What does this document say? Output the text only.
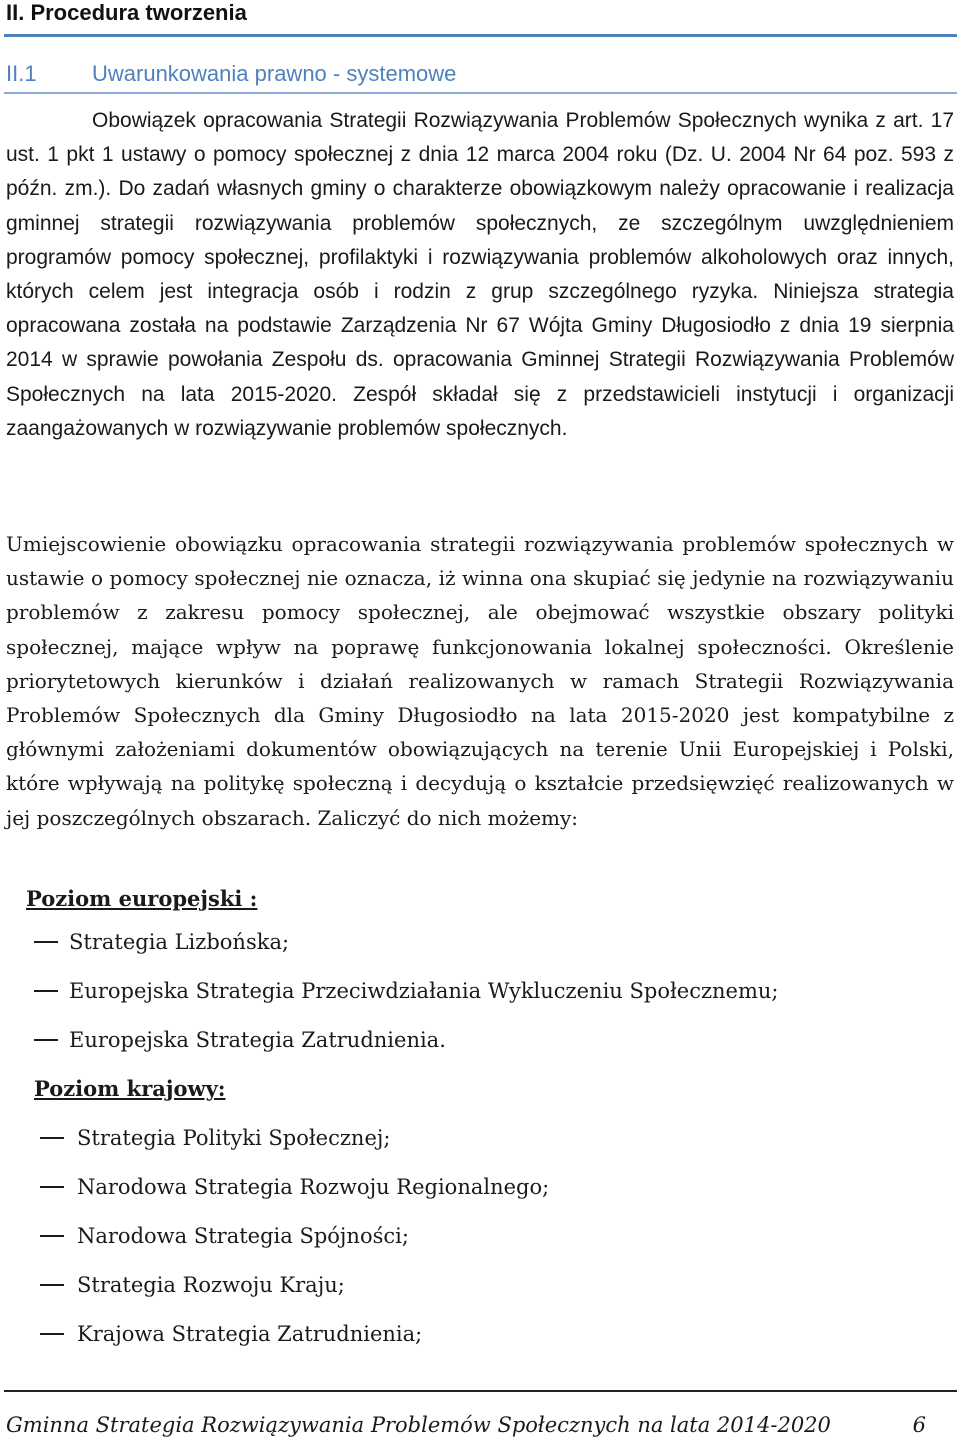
II. Procedura tworzenia
II.1	Uwarunkowania prawno - systemowe

Obowiązek opracowania Strategii Rozwiązywania Problemów Społecznych wynika z art. 17 ust. 1 pkt 1 ustawy o pomocy społecznej z dnia 12 marca 2004 roku (Dz. U. 2004 Nr 64 poz. 593 z późn. zm.). Do zadań własnych gminy o charakterze obowiązkowym należy opracowanie i realizacja gminnej strategii rozwiązywania problemów społecznych, ze szczególnym uwzględnieniem programów pomocy społecznej, profilaktyki i rozwiązywania problemów alkoholowych oraz innych, których celem jest integracja osób i rodzin z grup szczególnego ryzyka. Niniejsza strategia opracowana została na podstawie Zarządzenia Nr 67 Wójta Gminy Długosiodło z dnia 19 sierpnia 2014 w sprawie powołania Zespołu ds. opracowania Gminnej Strategii Rozwiązywania Problemów Społecznych na lata 2015-2020. Zespół składał się z przedstawicieli instytucji i organizacji zaangażowanych w rozwiązywanie problemów społecznych.

Umiejscowienie obowiązku opracowania strategii rozwiązywania problemów społecznych w ustawie o pomocy społecznej nie oznacza, iż winna ona skupiać się jedynie na rozwiązywaniu problemów z zakresu pomocy społecznej, ale obejmować wszystkie obszary polityki społecznej, mające wpływ na poprawę funkcjonowania lokalnej społeczności. Określenie priorytetowych kierunków i działań realizowanych w ramach Strategii Rozwiązywania Problemów Społecznych dla Gminy Długosiodło na lata 2015-2020 jest kompatybilne z głównymi założeniami dokumentów obowiązujących na terenie Unii Europejskiej i Polski, które wpływają na politykę społeczną i decydują o kształcie przedsięwzięć realizowanych w jej poszczególnych obszarach. Zaliczyć do nich możemy:

Poziom europejski :
Strategia Lizbońska;
Europejska Strategia Przeciwdziałania Wykluczeniu Społecznemu;
Europejska Strategia Zatrudnienia.
Poziom krajowy:
Strategia Polityki Społecznej;
Narodowa Strategia Rozwoju Regionalnego;
Narodowa Strategia Spójności;
Strategia Rozwoju Kraju;
Krajowa Strategia Zatrudnienia;
Gminna Strategia Rozwiązywania Problemów Społecznych na lata 2014-2020	6
